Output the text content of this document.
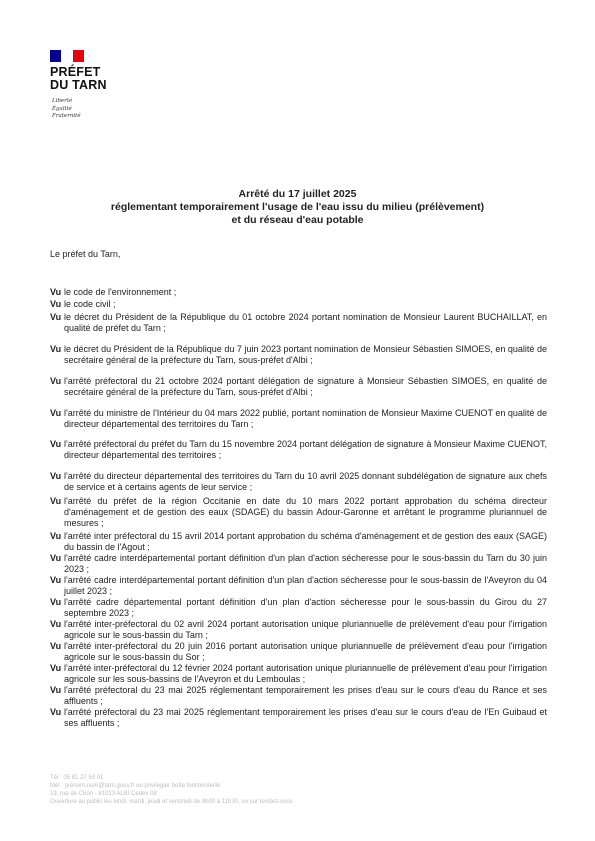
PRÉFET
DU TARN
Liberté
Égalité
Fraternité
Arrêté du 17 juillet 2025
réglementant temporairement l'usage de l'eau issu du milieu (prélèvement)
et du réseau d'eau potable
Le préfet du Tarn,
Vu le code de l'environnement ;
Vu le code civil ;
Vu le décret du Président de la République du 01 octobre 2024 portant nomination de Monsieur Laurent BUCHAILLAT, en qualité de préfet du Tarn ;
Vu le décret du Président de la République du 7 juin 2023 portant nomination de Monsieur Sébastien SIMOES, en qualité de secrétaire général de la préfecture du Tarn, sous-préfet d'Albi ;
Vu l'arrêté préfectoral du 21 octobre 2024 portant délégation de signature à Monsieur Sébastien SIMOES, en qualité de secrétaire général de la préfecture du Tarn, sous-préfet d'Albi ;
Vu l'arrêté du ministre de l'Intérieur du 04 mars 2022 publié, portant nomination de Monsieur Maxime CUENOT en qualité de directeur départemental des territoires du Tarn ;
Vu l'arrêté préfectoral du préfet du Tarn du 15 novembre 2024 portant délégation de signature à Monsieur Maxime CUENOT, directeur départemental des territoires ;
Vu l'arrêté du directeur départemental des territoires du Tarn du 10 avril 2025 donnant subdélégation de signature aux chefs de service et à certains agents de leur service ;
Vu l'arrêté du préfet de la région Occitanie en date du 10 mars 2022 portant approbation du schéma directeur d'aménagement et de gestion des eaux (SDAGE) du bassin Adour-Garonne et arrêtant le programme pluriannuel de mesures ;
Vu l'arrêté inter préfectoral du 15 avril 2014 portant approbation du schéma d'aménagement et de gestion des eaux (SAGE) du bassin de l'Agout ;
Vu l'arrêté cadre interdépartemental portant définition d'un plan d'action sécheresse pour le sous-bassin du Tarn du 30 juin 2023 ;
Vu l'arrêté cadre interdépartemental portant définition d'un plan d'action sécheresse pour le sous-bassin de l'Aveyron du 04 juillet 2023 ;
Vu l'arrêté cadre départemental portant définition d'un plan d'action sécheresse pour le sous-bassin du Girou du 27 septembre 2023 ;
Vu l'arrêté inter-préfectoral du 02 avril 2024 portant autorisation unique pluriannuelle de prélèvement d'eau pour l'irrigation agricole sur le sous-bassin du Tarn ;
Vu l'arrêté inter-préfectoral du 20 juin 2016 portant autorisation unique pluriannuelle de prélèvement d'eau pour l'irrigation agricole sur le sous-bassin du Sor ;
Vu l'arrêté inter-préfectoral du 12 février 2024 portant autorisation unique pluriannuelle de prélèvement d'eau pour l'irrigation agricole sur les sous-bassins de l'Aveyron et du Lemboulas ;
Vu l'arrêté préfectoral du 23 mai 2025 réglementant temporairement les prises d'eau sur le cours d'eau du Rance et ses affluents ;
Vu l'arrêté préfectoral du 23 mai 2025 réglementant temporairement les prises d'eau sur le cours d'eau de l'En Guibaud et ses affluents ;
Tél : 05 81 27 50 01
Mél : prénom.nom@tarn.gouv.fr ou privilégier boîte fonctionnelle
19, rue de Ciron - 81013 ALBI Cedex 09
Ouverture au public les lundi, mardi, jeudi et vendredi de 9h00 à 11h30, ou sur rendez-vous
